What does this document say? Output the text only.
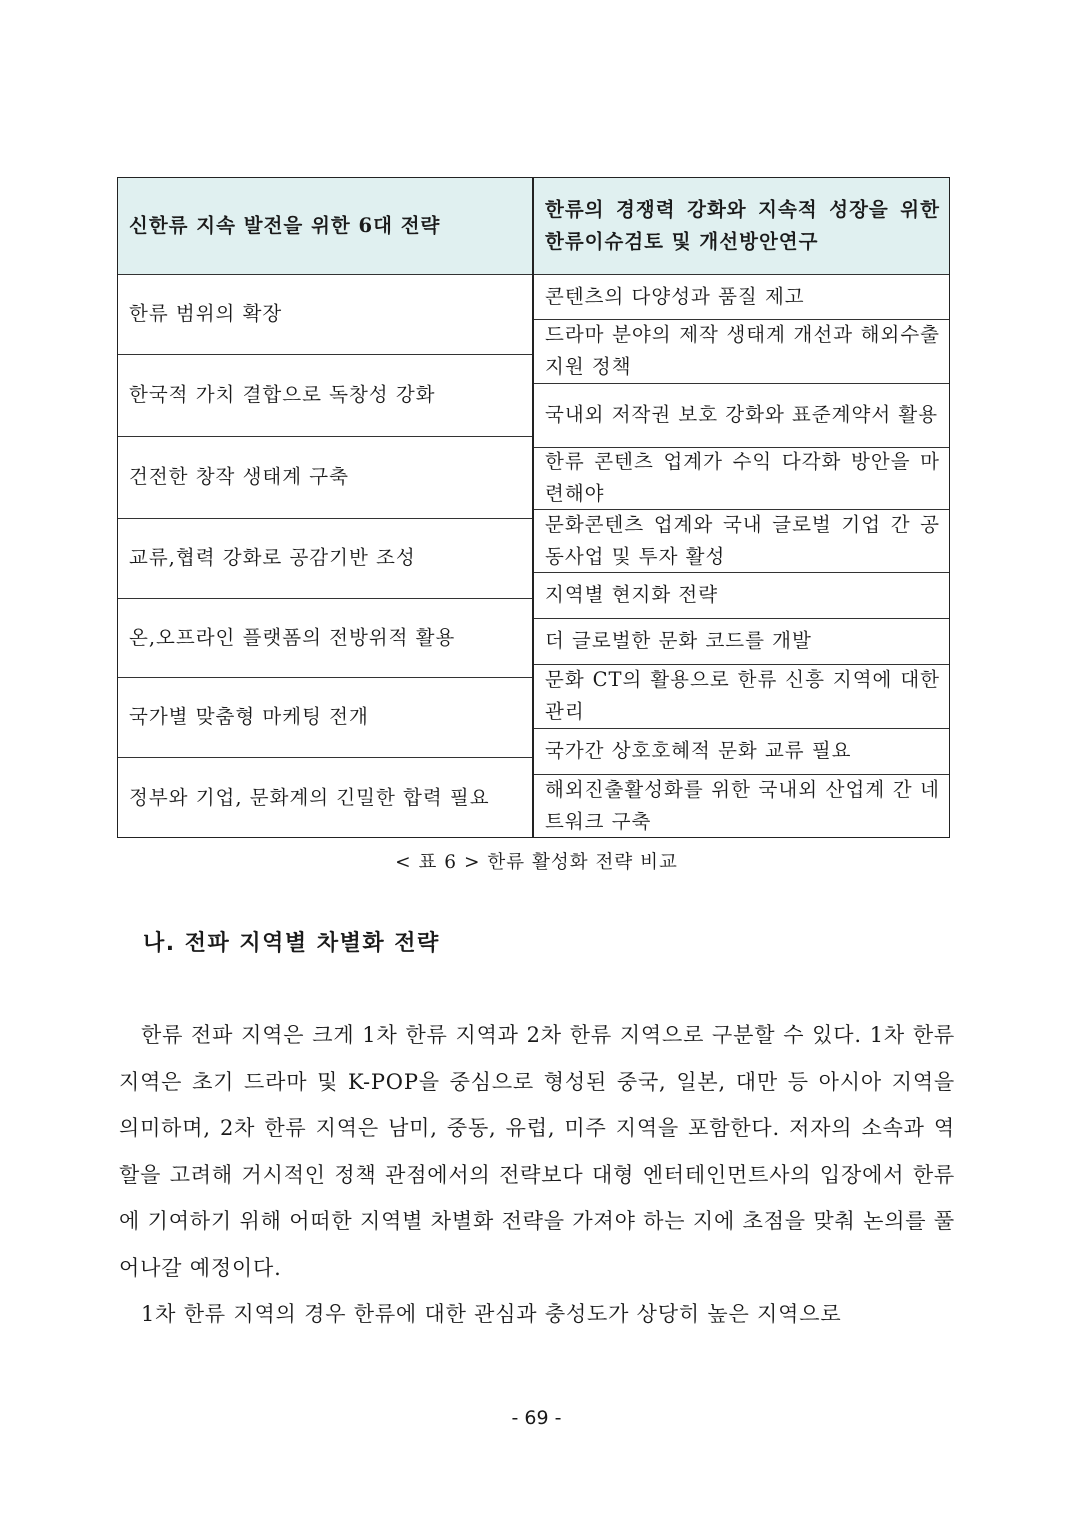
신한류 지속 발전을 위한 6대 전략
한류 범위의 확장
한국적 가치 결합으로 독창성 강화
건전한 창작 생태계 구축
교류,협력 강화로 공감기반 조성
온,오프라인 플랫폼의 전방위적 활용
국가별 맞춤형 마케팅 전개
정부와 기업, 문화계의 긴밀한 합력 필요
한류의 경쟁력 강화와 지속적 성장을 위한 한류이슈검토 및 개선방안연구
콘텐츠의 다양성과 품질 제고
드라마 분야의 제작 생태계 개선과 해외수출지원 정책
국내외 저작권 보호 강화와 표준계약서 활용
한류 콘텐츠 업계가 수익 다각화 방안을 마련해야
문화콘텐츠 업계와 국내 글로벌 기업 간 공동사업 및 투자 활성
지역별 현지화 전략
더 글로벌한 문화 코드를 개발
문화 CT의 활용으로 한류 신흥 지역에 대한 관리
국가간 상호호혜적 문화 교류 필요
해외진출활성화를 위한 국내외 산업계 간 네트워크 구축
< 표 6 > 한류 활성화 전략 비교
나. 전파 지역별 차별화 전략

한류 전파 지역은 크게 1차 한류 지역과 2차 한류 지역으로 구분할 수 있다. 1차 한류 지역은 초기 드라마 및 K-POP을 중심으로 형성된 중국, 일본, 대만 등 아시아 지역을 의미하며, 2차 한류 지역은 남미, 중동, 유럽, 미주 지역을 포함한다. 저자의 소속과 역할을 고려해 거시적인 정책 관점에서의 전략보다 대형 엔터테인먼트사의 입장에서 한류에 기여하기 위해 어떠한 지역별 차별화 전략을 가져야 하는 지에 초점을 맞춰 논의를 풀어나갈 예정이다.

1차 한류 지역의 경우 한류에 대한 관심과 충성도가 상당히 높은 지역으로

- 69 -
